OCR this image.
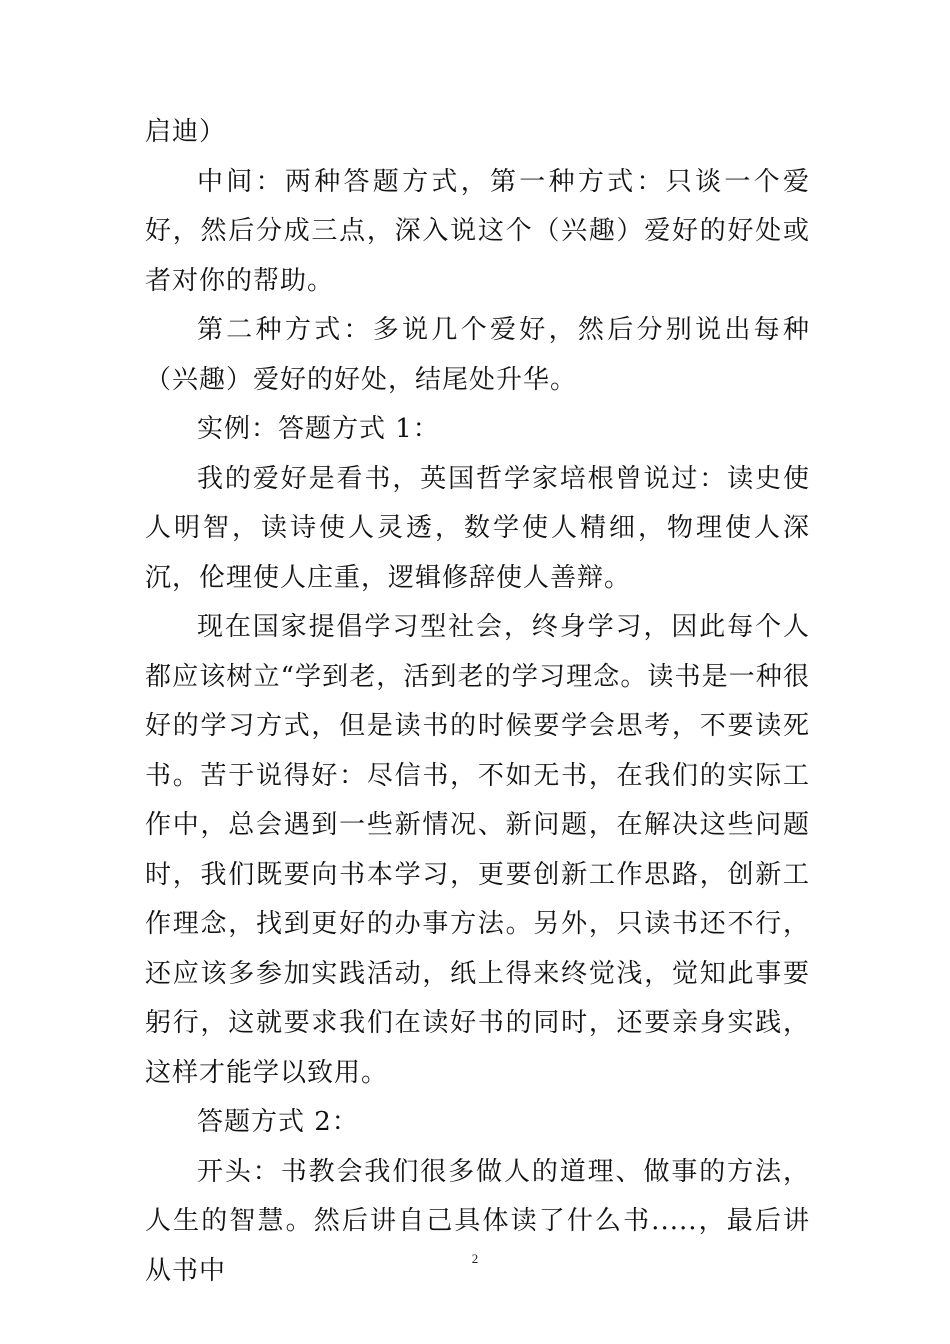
启迪）

中间：两种答题方式，第一种方式：只谈一个爱好，然后分成三点，深入说这个（兴趣）爱好的好处或者对你的帮助。

第二种方式：多说几个爱好，然后分别说出每种（兴趣）爱好的好处，结尾处升华。

实例：答题方式 1：

我的爱好是看书，英国哲学家培根曾说过：读史使人明智，读诗使人灵透，数学使人精细，物理使人深沉，伦理使人庄重，逻辑修辞使人善辩。

现在国家提倡学习型社会，终身学习，因此每个人都应该树立“学到老，活到老的学习理念。读书是一种很好的学习方式，但是读书的时候要学会思考，不要读死书。苦于说得好：尽信书，不如无书，在我们的实际工作中，总会遇到一些新情况、新问题，在解决这些问题时，我们既要向书本学习，更要创新工作思路，创新工作理念，找到更好的办事方法。另外，只读书还不行，还应该多参加实践活动，纸上得来终觉浅，觉知此事要躬行，这就要求我们在读好书的同时，还要亲身实践，这样才能学以致用。

答题方式 2：

开头：书教会我们很多做人的道理、做事的方法，人生的智慧。然后讲自己具体读了什么书.....，最后讲从书中	2
